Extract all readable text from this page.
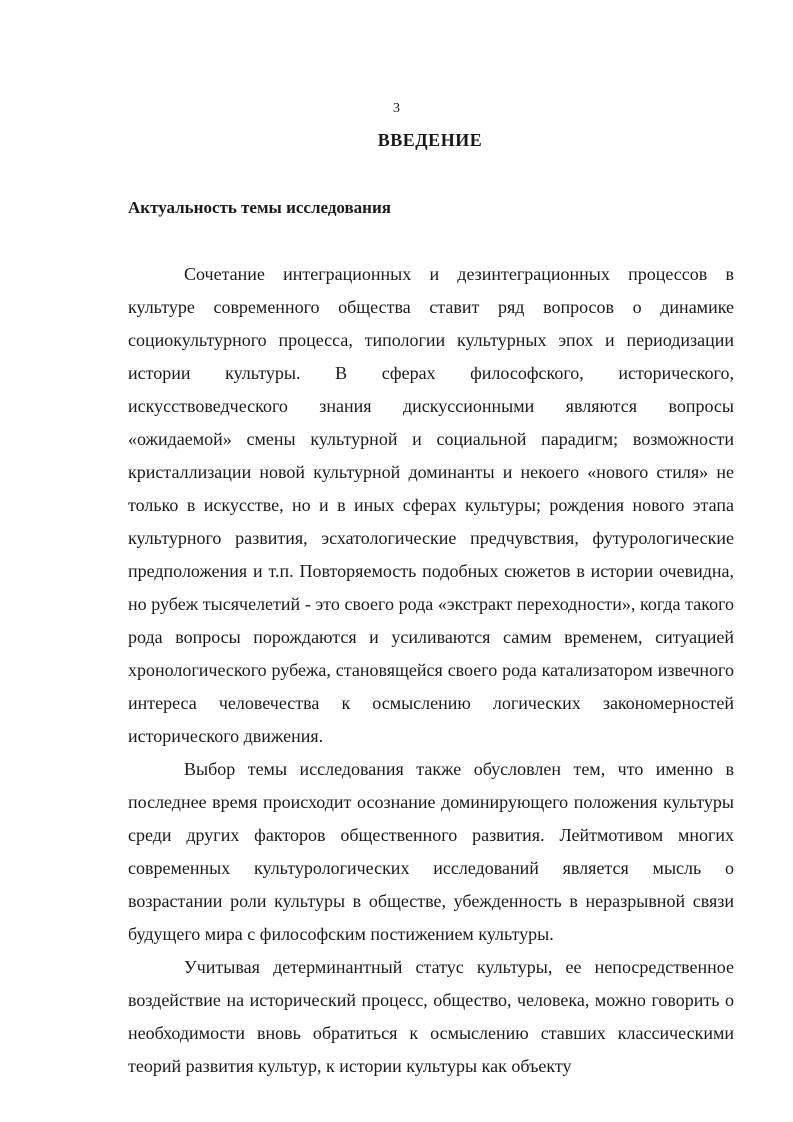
3
ВВЕДЕНИЕ
Актуальность темы исследования

Сочетание интеграционных и дезинтеграционных процессов в культуре современного общества ставит ряд вопросов о динамике социокультурного процесса, типологии культурных эпох и периодизации истории культуры. В сферах философского, исторического, искусствоведческого знания дискуссионными являются вопросы «ожидаемой» смены культурной и социальной парадигм; возможности кристаллизации новой культурной доминанты и некоего «нового стиля» не только в искусстве, но и в иных сферах культуры; рождения нового этапа культурного развития, эсхатологические предчувствия, футурологические предположения и т.п. Повторяемость подобных сюжетов в истории очевидна, но рубеж тысячелетий - это своего рода «экстракт переходности», когда такого рода вопросы порождаются и усиливаются самим временем, ситуацией хронологического рубежа, становящейся своего рода катализатором извечного интереса человечества к осмыслению логических закономерностей исторического движения.

Выбор темы исследования также обусловлен тем, что именно в последнее время происходит осознание доминирующего положения культуры среди других факторов общественного развития. Лейтмотивом многих современных культурологических исследований является мысль о возрастании роли культуры в обществе, убежденность в неразрывной связи будущего мира с философским постижением культуры.

Учитывая детерминантный статус культуры, ее непосредственное воздействие на исторический процесс, общество, человека, можно говорить о необходимости вновь обратиться к осмыслению ставших классическими теорий развития культур, к истории культуры как объекту
